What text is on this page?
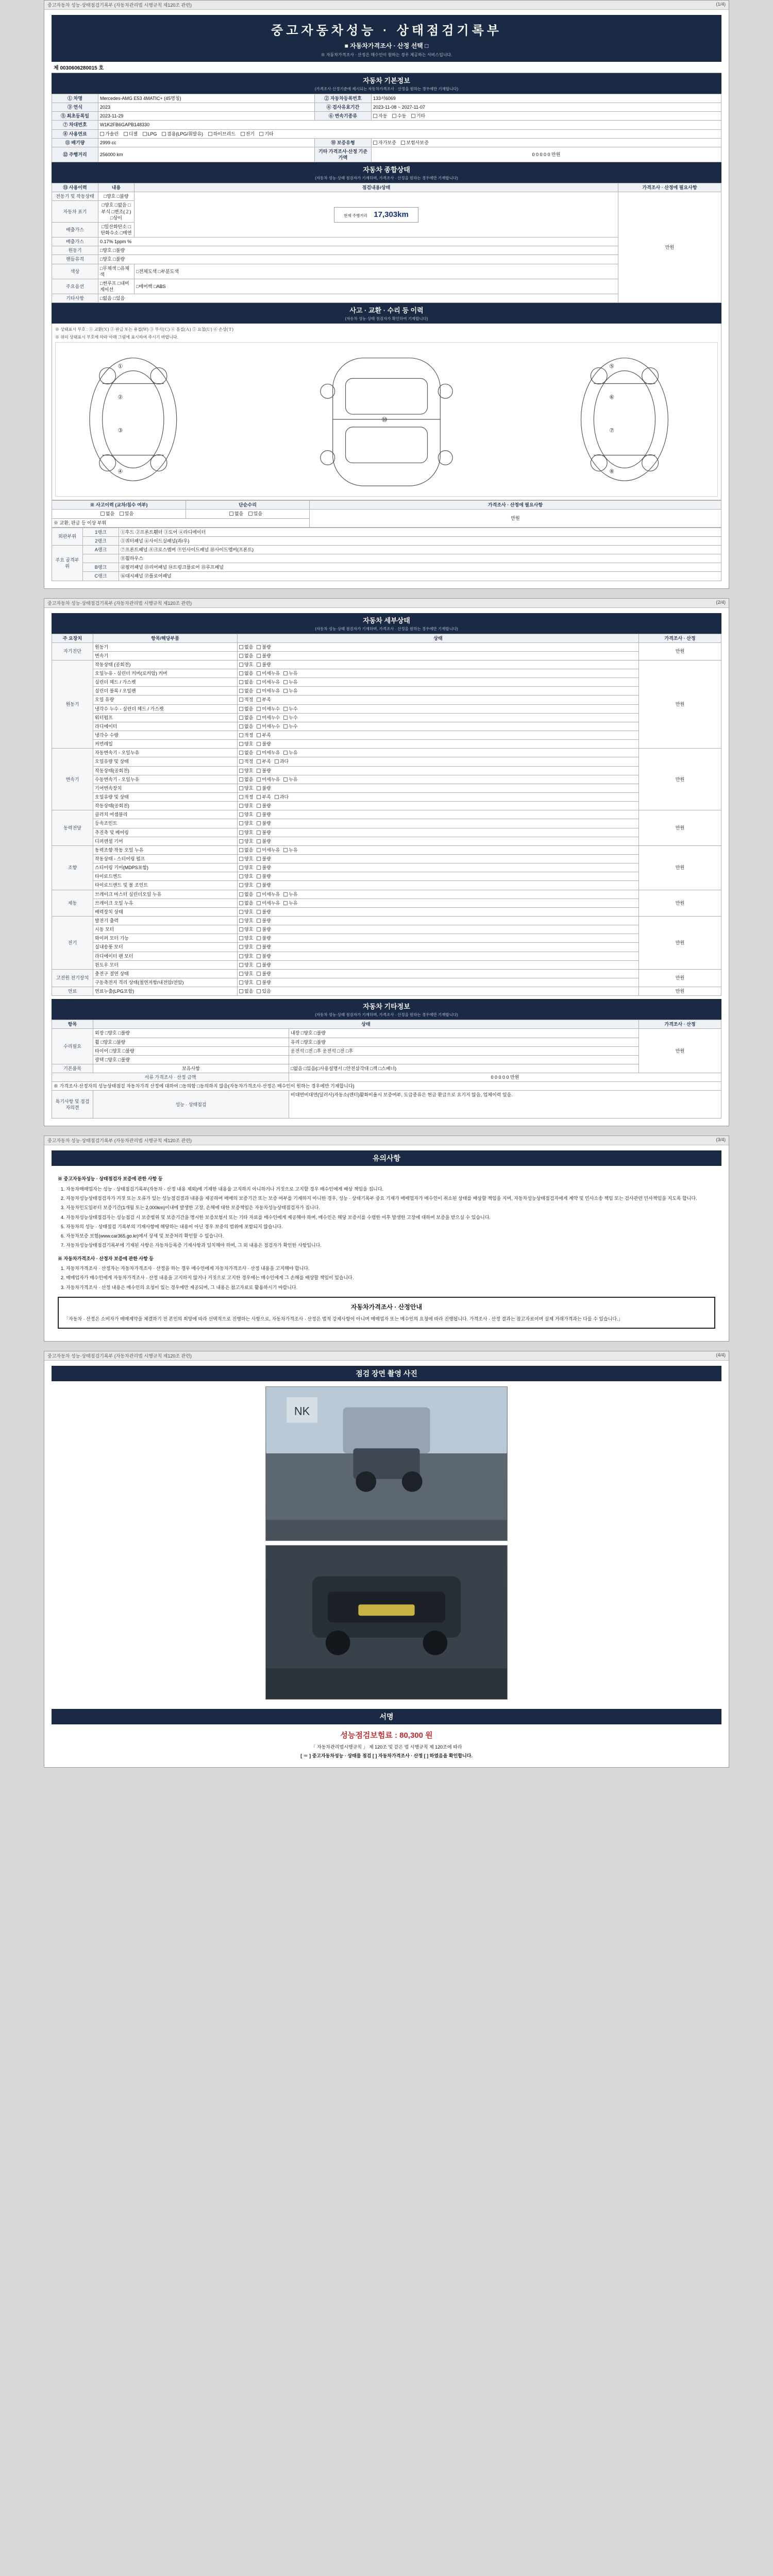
중고자동차 성능·상태점검기록부 (자동차관리법 시행규칙 제120조 관련)	(1/4)
중고자동차성능 · 상태점검기록부
■ 자동차가격조사 · 산정 선택 □
※ 자동차가격조사 · 산정은 매수인이 원하는 경우 제공하는 서비스입니다.
제 0030606280015 호
자동차 기본정보
(가격조사·산정기준에 제시되는 자동차가격조사 · 산정을 원하는 경우에만 기재합니다)
① 차명	Mercedes-AMG E53 4MATIC+ (45명칭)	② 자동차등록번호	133서6069
③ 연식	2023	④ 검사유효기간	2023-11-08 ~ 2027-11-07
⑤ 최초등록일	2023-11-29	⑥ 변속기종류	자동 수동 기타
⑦ 차대번호	W1K2FB6GAPB148330		
⑧ 사용연료	가솔린 디젤 LPG 겸용(LPG/휘발유) 하이브리드 전기 기타		
⑪ 배기량	2999 cc	⑩ 보증유형	자가보증 보험사보증
⑫ 주행거리	256000 km	기타 가격조사·산정 기준가액	0 0 0 0 0 만원
자동차 종합상태
(자동차 성능·상태 점검자가 기재하며, 가격조사 · 산정을 원하는 경우에만 기재합니다)
⑬ 사용이력	내용	점검내용/상태	가격조사 · 산정에 필요사항
전동기 및 작동상태	□양호 □불량	현재 주행거리 17,303km	만원
자동차 표기	□양호 □없음 □부식 □변조(２) □상이		
배출가스	□일산화탄소 □탄화수소 □매연		
배출가스	0.17% 1ppm %		
원동기	□양호 □불량		
핸들유격	□양호 □불량		
색상	□무채색 □유채색	□전체도색 □부분도색	
주요옵션	□썬루프 □내비게이션	□에어백 □ABS	
기타사항	□없음 □있음		
사고 · 교환 · 수리 등 이력
(자동차 성능·상태 점검자가 확인하여 기재합니다)
※ 상태표시 부호 : ① 교환(Ｘ) ② 판금 또는 용접(Ｗ) ③ 부식(Ｃ) ④ 흠집(Ａ) ⑤ 요철(Ｕ) ⑥ 손상(Ｔ)
※ 위의 상태표시 부호에 따라 아래 그림에 표시하여 주시기 바랍니다.
⑩
①
②
③
④
⑤
⑥
⑦
⑧
※ 사고이력 (교차/침수 여부)	단순수리	가격조사 · 산정에 필요사항
없음 있음	없음 있음	만원
※ 교환, 판금 등 이상 부위		
외판부위	1랭크	①후드 ②프론트휀더 ③도어 ④라디에이터
	2랭크	⑤쿼터패널 ⑥사이드실패널(좌/우)
주요 골격부위	A랭크	⑦프론트패널 ⑧크로스멤버 ⑨인사이드패널 ⑩사이드멤버(프론트)
		⑪휠하우스
	B랭크	⑫필러패널 ⑬리어패널 ⑭트렁크플로어 ⑮루프패널
	C랭크	⑯대시패널 ⑰플로어패널
중고자동차 성능·상태점검기록부 (자동차관리법 시행규칙 제120조 관련)	(2/4)
자동차 세부상태
(자동차 성능·상태 점검자가 기재하며, 가격조사 · 산정을 원하는 경우에만 기재합니다)
주 요장치	항목/해당부품	상태	가격조사 · 산정
자기진단	원동기	없음 불량	만원
	변속기	없음 불량	
원동기	작동상태 (공회전)	양호 불량	만원
	오일누유 - 실린더 커버(로커암) 커버	없음 미세누유 누유	
	실린더 헤드 / 가스켓	없음 미세누유 누유	
	실린더 블록 / 오일팬	없음 미세누유 누유	
	오일 유량	적정 부족	
	냉각수 누수 - 실린더 헤드 / 가스켓	없음 미세누수 누수	
	워터펌프	없음 미세누수 누수	
	라디에이터	없음 미세누수 누수	
	냉각수 수량	적정 부족	
	커먼레일	양호 불량	
변속기	자동변속기 - 오일누유	없음 미세누유 누유	만원
	오일유량 및 상태	적정 부족 과다	
	작동상태(공회전)	양호 불량	
	수동변속기 - 오일누유	없음 미세누유 누유	
	기어변속장치	양호 불량	
	오일유량 및 상태	적정 부족 과다	
	작동상태(공회전)	양호 불량	
동력전달	클러치 어셈블리	양호 불량	만원
	등속조인트	양호 불량	
	추진축 및 베어링	양호 불량	
	디퍼렌셜 기어	양호 불량	
조향	동력조향 작동 오일 누유	없음 미세누유 누유	만원
	작동상태 - 스티어링 펌프	양호 불량	
	스티어링 기어(MDPS포함)	양호 불량	
	타이로드엔드	양호 불량	
	타이로드앤드 및 볼 조인트	양호 불량	
제동	브레이크 마스터 실린더오일 누유	없음 미세누유 누유	만원
	브레이크 오일 누유	없음 미세누유 누유	
	배력장치 상태	양호 불량	
전기	발전기 출력	양호 불량	만원
	시동 모터	양호 불량	
	와이퍼 모터 기능	양호 불량	
	실내송풍 모터	양호 불량	
	라디에이터 팬 모터	양호 불량	
	윈도우 모터	양호 불량	
고전원 전기장치	충전구 절연 상태	양호 불량	만원
	구동축전지 격리 상태(철연저항/내전압/전압)	양호 불량	
연료	연료누출(LPG포함)	없음 있음	만원
자동차 기타정보
(자동차 성능·상태 점검자가 기재하며, 가격조사 · 산정을 원하는 경우에만 기재합니다)
항목	상태		가격조사 · 산정
수리필요	외장 □양호 □불량	내장 □양호 □불량	만원
	휠 □양호 □불량	유리 □양호 □불량	
	타이어 □양호 □불량	운전석 □전 □후 운전석 □전 □후	
	광택 □양호 □불량		
기본품목	보유사항	□없음 □있음(□사용설명서 □안전삼각대 □잭 □스패너)	
서류 가격조사 · 산정 금액		0 0 0 0 0 만원	
※ 가격조사·산정자의 성능상태점검 자동차가격 산정에 대하여 □동의함 □동의하지 않음(자동차가격조사·산정은 매수인이 원하는 경우에만 기재합니다)			
특기사항 및 점검자의견	성능 · 상태점검	비대면비대면(딜러사)자동소(렌터)활화비율시 보증여부, 도급종류은 현금 환급으로 요기지 않음, 업체이력 있음.	
중고자동차 성능·상태점검기록부 (자동차관리법 시행규칙 제120조 관련)	(3/4)
유의사항
※ 중고자동차성능 · 상태점검자 보증에 관한 사항 등
1. 자동차매매업자는 성능 · 상태점검기록부(자동차 · 산정 내용 제외)에 기재한 내용을 고지하지 아니하거나 거짓으로 고지할 경우 매수인에게 배상 책임을 집니다.
2. 자동차성능상태점검자가 거짓 또는 오류가 있는 성능점검결과 내용을 제공하여 매매의 보증기간 또는 보증 여부를 기재하지 아니한 경우, 성능 · 상태기록부 중요 기재가 매매업자가 매수인이 취소된 상태를 배상할 책임을 지며, 자동차성능상태점검자에게 계약 및 민사소송 책임 또는 검사관련 민사책임을 지도록 합니다.
3. 자동차인도일부터 보증기간(1개월 또는 2,000km)이내에 발생한 고장, 손해에 대한 보증책임은 자동차성능상태점검자가 집니다.
4. 자동차성능상태점검자는 성능점검 시 보증범위 및 보증기간을 명시한 보증보험서 또는 기타 자료를 매수인에게 제공해야 하며, 매수인은 해당 보증서를 수령한 이후 발생한 고장에 대하여 보증을 받으실 수 있습니다.
5. 자동차의 성능 · 상태점검 기록부의 기재사항에 해당하는 내용이 아닌 경우 보증의 범위에 포함되지 않습니다.
6. 자동차보증 보험(www.car365.go.kr)에서 상세 및 보증처리 확인할 수 있습니다.
7. 자동차성능상태점검기록부에 기재된 사항은 자동차등록증 기재사항과 일치해야 하며, 그 외 내용은 점검자가 확인한 사항입니다.
※ 자동차가격조사 · 산정자 보증에 관한 사항 등
1. 자동차가격조사 · 산정자는 자동차가격조사 · 산정을 하는 경우 매수인에게 자동차가격조사 · 산정 내용을 고지해야 합니다.
2. 매매업자가 매수인에게 자동차가격조사 · 산정 내용을 고지하지 않거나 거짓으로 고지한 경우에는 매수인에게 그 손해를 배상할 책임이 있습니다.
3. 자동차가격조사 · 산정 내용은 매수인의 요청이 있는 경우에만 제공되며, 그 내용은 참고자료로 활용하시기 바랍니다.
자동차가격조사 · 산정안내
「자동차 · 산정은 소비자가 매매계약을 체결하기 전 본인의 희망에 따라 선택적으로 진행하는 사항으로, 자동차가격조사 · 산정은 법적 강제사항이 아니며 매매업자 또는 매수인의 요청에 따라 진행됩니다. 가격조사 · 산정 결과는 참고자료이며 실제 거래가격과는 다를 수 있습니다.」
중고자동차 성능·상태점검기록부 (자동차관리법 시행규칙 제120조 관련)	(4/4)
점검 장면 촬영 사진
NK
서명
성능점검보험료 : 80,300 원
「 자동차관리법시행규칙 」 제 120조 및 같은 법 시행규칙 제 120조에 따라
[ ＝ ] 중고자동차성능 · 상태를 점검 [ ] 자동차가격조사 · 산정 [ ] 하였음을 확인합니다.
